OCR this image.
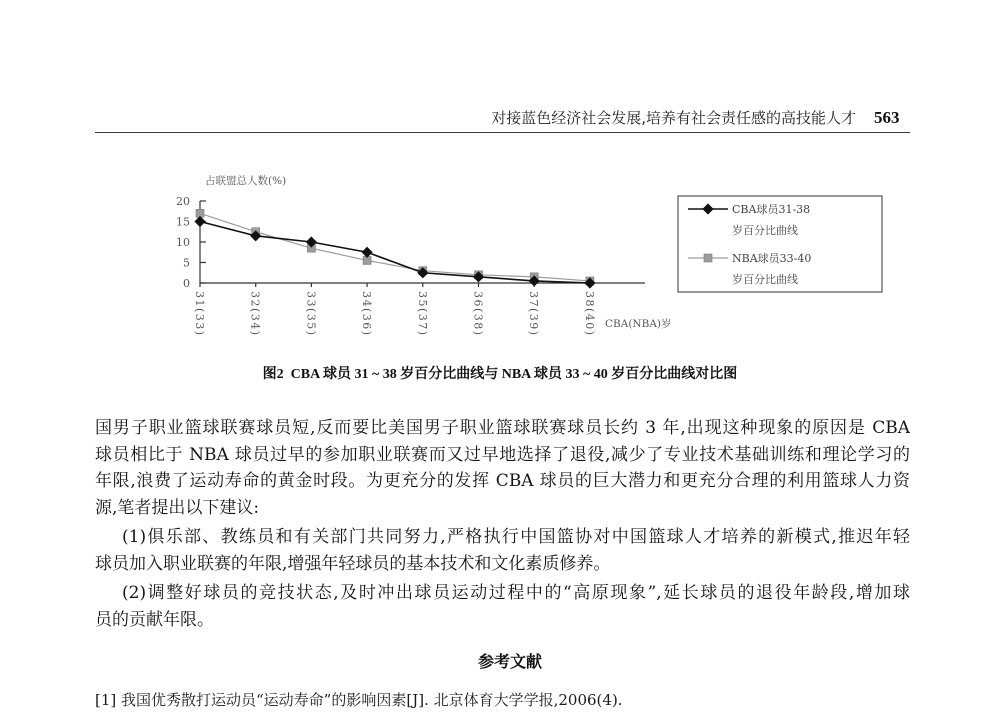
对接蓝色经济社会发展,培养有社会责任感的高技能人才 563
占联盟总人数(%)
20
15
10
5
0
31(33)	32(34)	33(35)	34(36)	35(37)	36(38)	37(39)	38(40) CBA(NBA)岁
CBA球员31-38
岁百分比曲线
NBA球员33-40
岁百分比曲线
图2  CBA 球员 31 ~ 38 岁百分比曲线与 NBA 球员 33 ~ 40 岁百分比曲线对比图
国男子职业篮球联赛球员短,反而要比美国男子职业篮球联赛球员长约 3 年,出现这种现象的原因是 CBA
球员相比于 NBA 球员过早的参加职业联赛而又过早地选择了退役,减少了专业技术基础训练和理论学习的
年限,浪费了运动寿命的黄金时段。为更充分的发挥 CBA 球员的巨大潜力和更充分合理的利用篮球人力资
源,笔者提出以下建议:
(1)俱乐部、教练员和有关部门共同努力,严格执行中国篮协对中国篮球人才培养的新模式,推迟年轻
球员加入职业联赛的年限,增强年轻球员的基本技术和文化素质修养。
(2)调整好球员的竞技状态,及时冲出球员运动过程中的“高原现象”,延长球员的退役年龄段,增加球
员的贡献年限。
参考文献
[1] 我国优秀散打运动员“运动寿命”的影响因素[J]. 北京体育大学学报,2006(4).
